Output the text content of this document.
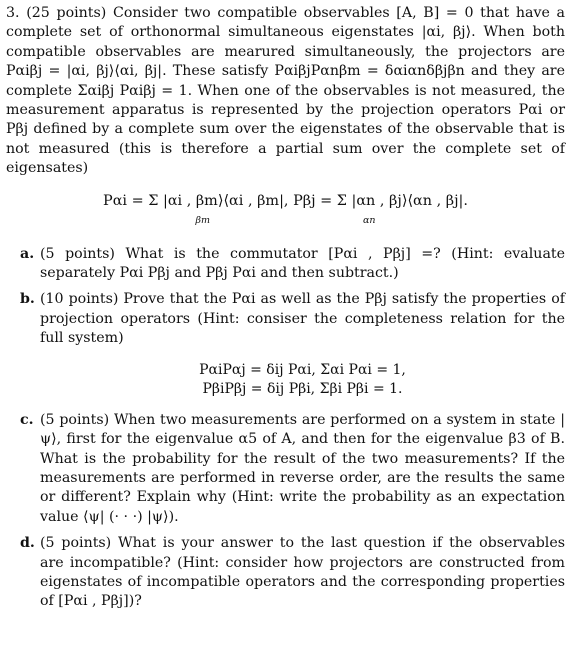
3. (25 points) Consider two compatible observables [A, B] = 0 that have a complete set of orthonormal simultaneous eigenstates |αi, βj⟩. When both compatible observables are mearured simultaneously, the projectors are Pαiβj = |αi, βj⟩⟨αi, βj|. These satisfy PαiβjPαnβm = δαiαnδβjβn and they are complete Σαiβj Pαiβj = 1. When one of the observables is not measured, the measurement apparatus is represented by the projection operators Pαi or Pβj defined by a complete sum over the eigenstates of the observable that is not measured (this is therefore a partial sum over the complete set of eigensates)
Pαi = Σ |αi , βm⟩⟨αi , βm|, Pβj = Σ |αn , βj⟩⟨αn , βj|.
βm	αn
a. (5 points) What is the commutator [Pαi , Pβj] =? (Hint: evaluate separately Pαi Pβj and Pβj Pαi and then subtract.)
b. (10 points) Prove that the Pαi as well as the Pβj satisfy the properties of projection operators (Hint: consiser the completeness relation for the full system)
PαiPαj = δij Pαi, Σαi Pαi = 1,
PβiPβj = δij Pβi, Σβi Pβi = 1.
c. (5 points) When two measurements are performed on a system in state |ψ⟩, first for the eigenvalue α5 of A, and then for the eigenvalue β3 of B. What is the probability for the result of the two measurements? If the measurements are performed in reverse order, are the results the same or different? Explain why (Hint: write the probability as an expectation value ⟨ψ| (· · ·) |ψ⟩).
d. (5 points) What is your answer to the last question if the observables are incompatible? (Hint: consider how projectors are constructed from eigenstates of incompatible operators and the corresponding properties of [Pαi , Pβj])?
